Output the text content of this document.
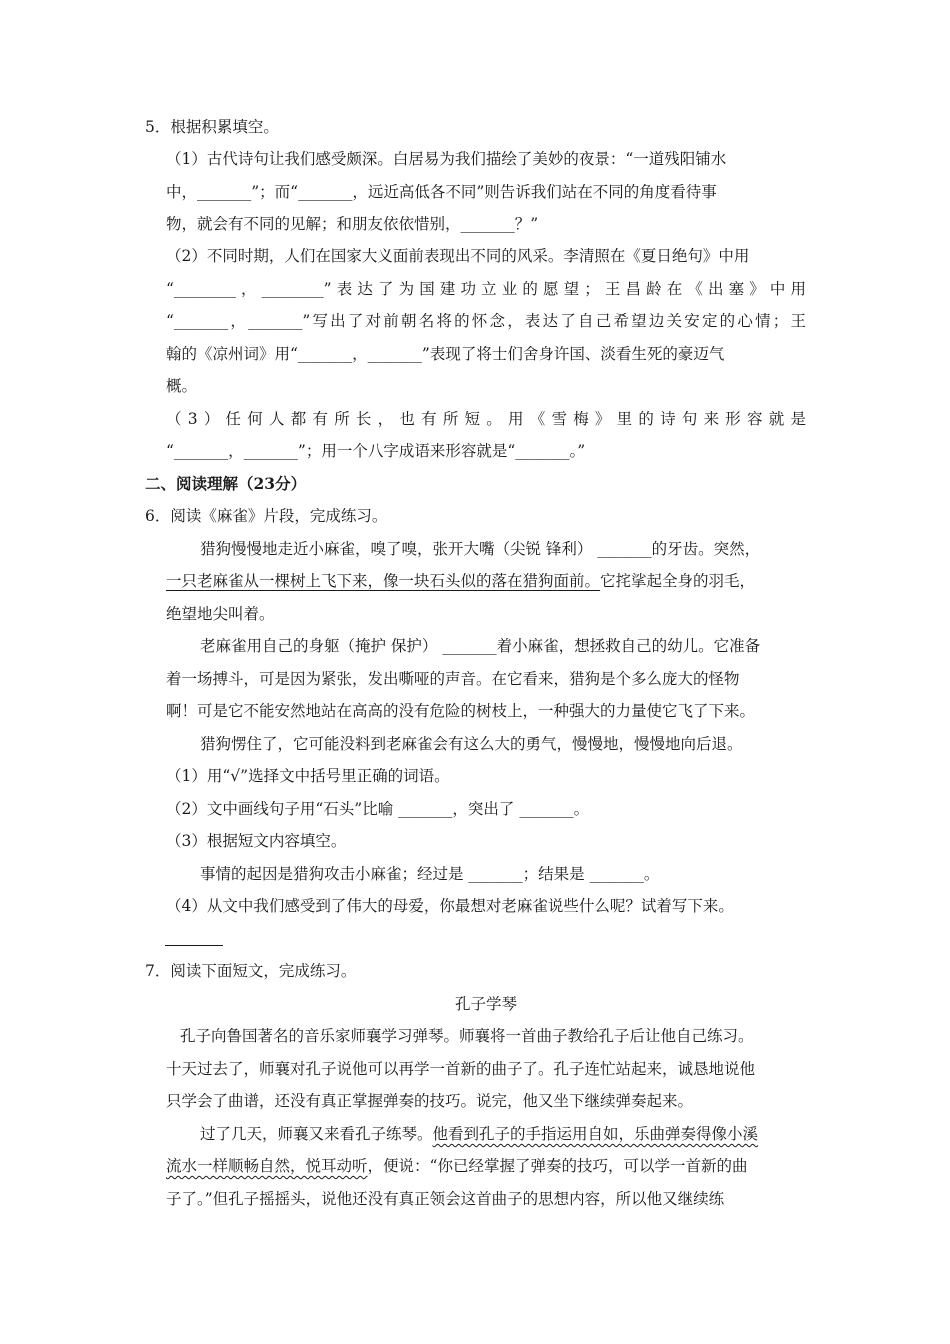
5．根据积累填空。
（1）古代诗句让我们感受颇深。白居易为我们描绘了美妙的夜景：“一道残阳铺水
中，_______”；而“_______，远近高低各不同”则告诉我们站在不同的角度看待事
物，就会有不同的见解；和朋友依依惜别，_______？”
（2）不同时期，人们在国家大义面前表现出不同的风采。李清照在《夏日绝句》中用
“________，________”表达了为国建功立业的愿望；王昌龄在《出塞》中用
“_______，_______”写出了对前朝名将的怀念，表达了自己希望边关安定的心情；王
翰的《凉州词》用“_______，_______”表现了将士们舍身许国、淡看生死的豪迈气
概。
（3）任何人都有所长，也有所短。用《雪梅》里的诗句来形容就是
“_______，_______”；用一个八字成语来形容就是“_______。”
二、阅读理解（23分）
6．阅读《麻雀》片段，完成练习。
猎狗慢慢地走近小麻雀，嗅了嗅，张开大嘴（尖锐 锋利） _______的牙齿。突然，
一只老麻雀从一棵树上飞下来，像一块石头似的落在猎狗面前。它挓挲起全身的羽毛，
绝望地尖叫着。
老麻雀用自己的身躯（掩护 保护） _______着小麻雀，想拯救自己的幼儿。它准备
着一场搏斗，可是因为紧张，发出嘶哑的声音。在它看来，猎狗是个多么庞大的怪物
啊！可是它不能安然地站在高高的没有危险的树枝上，一种强大的力量使它飞了下来。
猎狗愣住了，它可能没料到老麻雀会有这么大的勇气，慢慢地，慢慢地向后退。
（1）用“√”选择文中括号里正确的词语。
（2）文中画线句子用“石头”比喻 _______，突出了 _______。
（3）根据短文内容填空。
事情的起因是猎狗攻击小麻雀；经过是 _______；结果是 _______。
（4）从文中我们感受到了伟大的母爱，你最想对老麻雀说些什么呢？试着写下来。
7．阅读下面短文，完成练习。
孔子学琴
孔子向鲁国著名的音乐家师襄学习弹琴。师襄将一首曲子教给孔子后让他自己练习。
十天过去了，师襄对孔子说他可以再学一首新的曲子了。孔子连忙站起来，诚恳地说他
只学会了曲谱，还没有真正掌握弹奏的技巧。说完，他又坐下继续弹奏起来。
过了几天，师襄又来看孔子练琴。他看到孔子的手指运用自如，乐曲弹奏得像小溪
流水一样顺畅自然，悦耳动听，便说：“你已经掌握了弹奏的技巧，可以学一首新的曲
子了。”但孔子摇摇头，说他还没有真正领会这首曲子的思想内容，所以他又继续练
